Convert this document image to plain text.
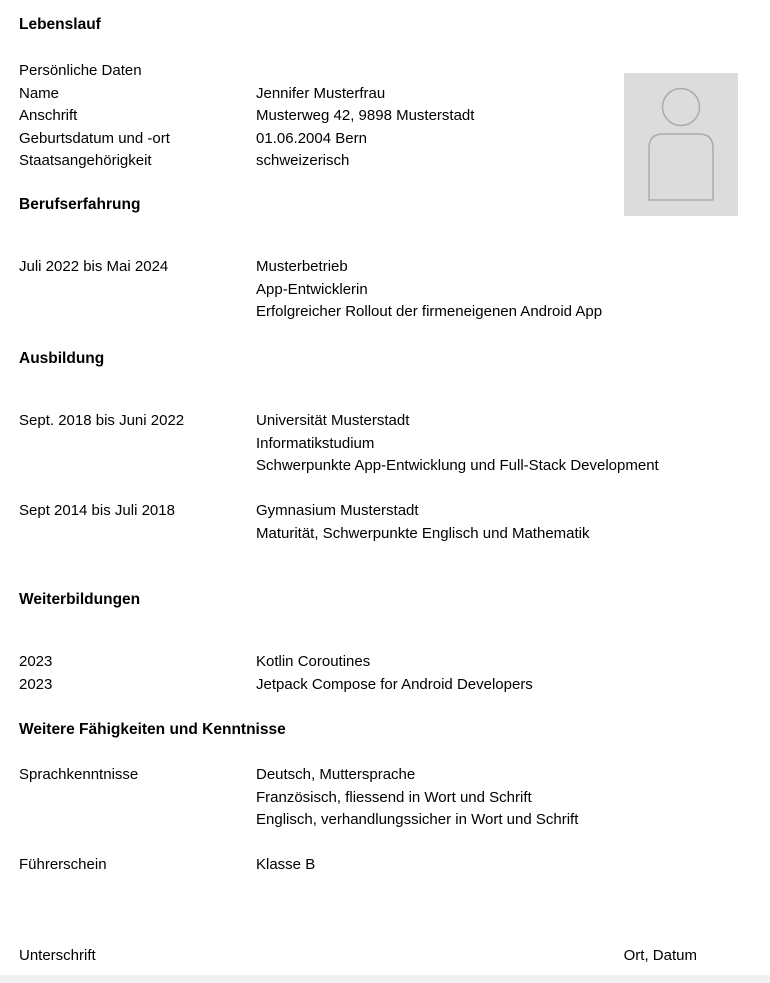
Lebenslauf
Persönliche Daten
Name	Jennifer Musterfrau
Anschrift	Musterweg 42, 9898 Musterstadt
Geburtsdatum und -ort	01.06.2004 Bern
Staatsangehörigkeit	schweizerisch
Berufserfahrung
Juli 2022 bis Mai 2024	Musterbetrieb
App-Entwicklerin
Erfolgreicher Rollout der firmeneigenen Android App
Ausbildung
Sept. 2018 bis Juni 2022	Universität Musterstadt
Informatikstudium
Schwerpunkte App-Entwicklung und Full-Stack Development
Sept 2014 bis Juli 2018	Gymnasium Musterstadt
Maturität, Schwerpunkte Englisch und Mathematik
Weiterbildungen
2023	Kotlin Coroutines
2023	Jetpack Compose for Android Developers
Weitere Fähigkeiten und Kenntnisse
Sprachkenntnisse	Deutsch, Muttersprache
Französisch, fliessend in Wort und Schrift
Englisch, verhandlungssicher in Wort und Schrift
Führerschein	Klasse B
Unterschrift	Ort, Datum
